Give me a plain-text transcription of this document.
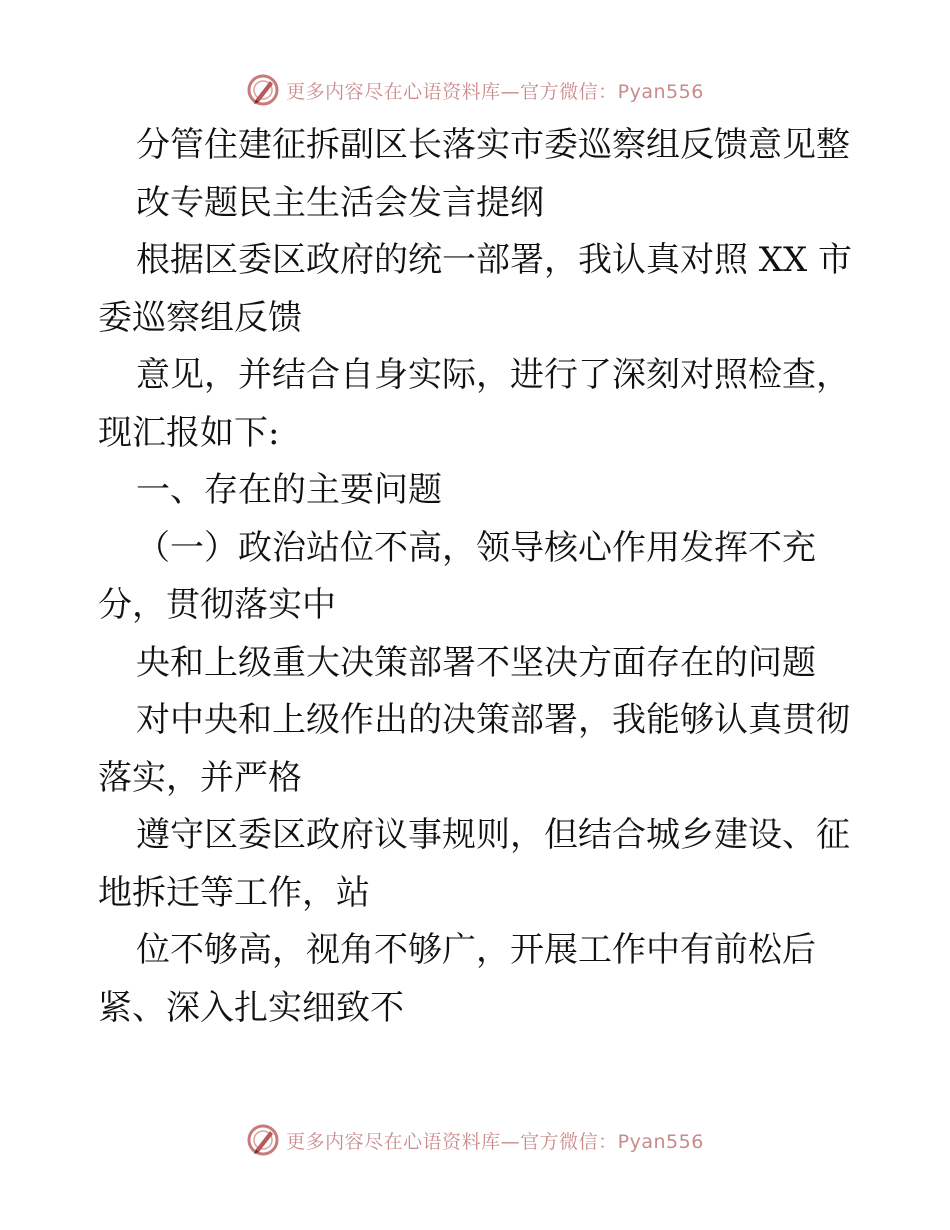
更多内容尽在心语资料库—官方微信：Pyan556
分管住建征拆副区长落实市委巡察组反馈意见整
改专题民主生活会发言提纲
根据区委区政府的统一部署，我认真对照 XX 市
委巡察组反馈
意见，并结合自身实际，进行了深刻对照检查，
现汇报如下:
一、存在的主要问题
（一）政治站位不高，领导核心作用发挥不充
分，贯彻落实中
央和上级重大决策部署不坚决方面存在的问题
对中央和上级作出的决策部署，我能够认真贯彻
落实，并严格
遵守区委区政府议事规则，但结合城乡建设、征
地拆迁等工作，站
位不够高，视角不够广，开展工作中有前松后
紧、深入扎实细致不
更多内容尽在心语资料库—官方微信：Pyan556
